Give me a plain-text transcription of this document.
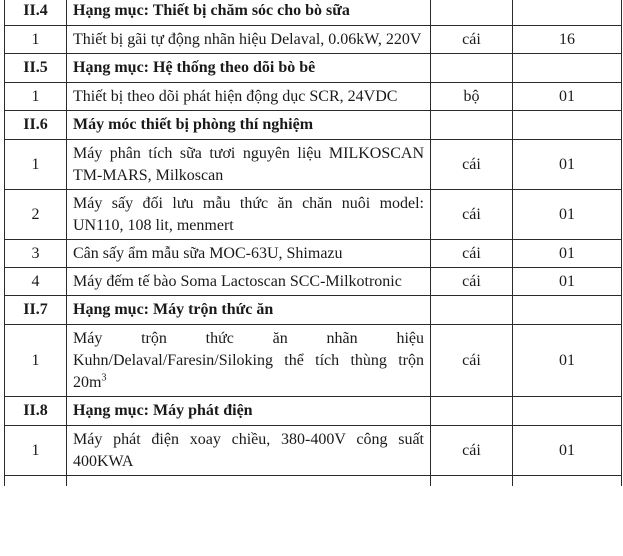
II.4	Hạng mục: Thiết bị chăm sóc cho bò sữa		
1	Thiết bị gãi tự động nhãn hiệu Delaval, 0.06kW, 220V	cái	16
II.5	Hạng mục: Hệ thống theo dõi bò bê		
1	Thiết bị theo dõi phát hiện động dục SCR, 24VDC	bộ	01
II.6	Máy móc thiết bị phòng thí nghiệm		
1	Máy phân tích sữa tươi nguyên liệu MILKOSCAN TM-MARS, Milkoscan	cái	01
2	Máy sấy đối lưu mẫu thức ăn chăn nuôi model: UN110, 108 lit, menmert	cái	01
3	Cân sấy ẩm mẫu sữa MOC-63U, Shimazu	cái	01
4	Máy đếm tế bào Soma Lactoscan SCC-Milkotronic	cái	01
II.7	Hạng mục: Máy trộn thức ăn		
1	Máy trộn thức ăn nhãn hiệu Kuhn/Delaval/Faresin/Siloking thể tích thùng trộn $20m^3$	cái	01
II.8	Hạng mục: Máy phát điện		
1	Máy phát điện xoay chiều, 380-400V công suất 400KWA	cái	01
